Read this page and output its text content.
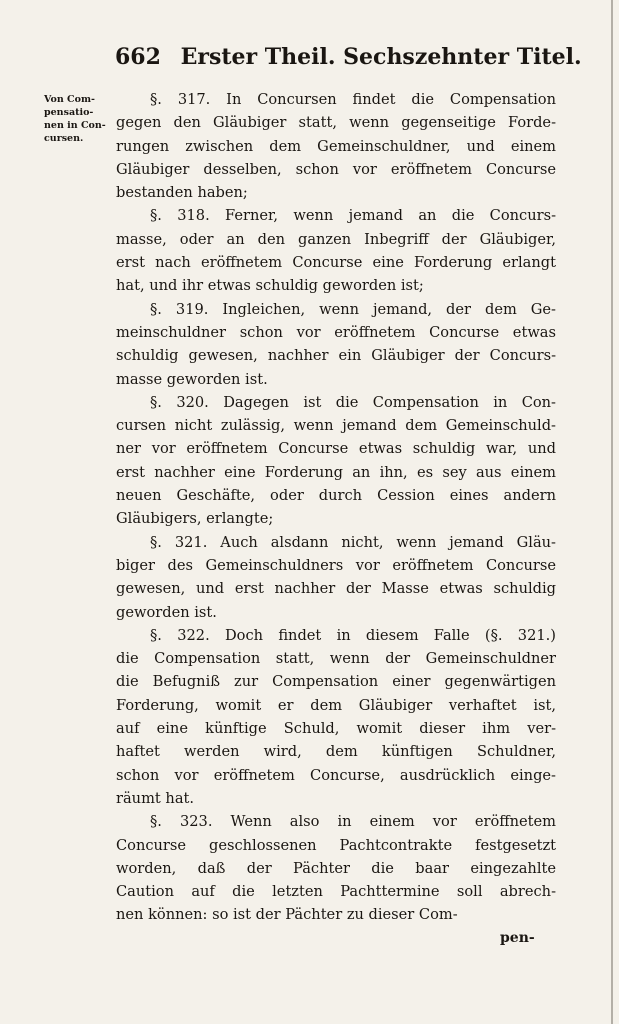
662 Erster Theil. Sechszehnter Titel.
Von Com-
pensatio-
nen in Con-
cursen.
§. 317. In Concursen findet die Compensation
gegen den Gläubiger statt, wenn gegenseitige Forde-
rungen zwischen dem Gemeinschuldner, und einem
Gläubiger desselben, schon vor eröffnetem Concurse
bestanden haben;
§. 318. Ferner, wenn jemand an die Concurs-
masse, oder an den ganzen Inbegriff der Gläubiger,
erst nach eröffnetem Concurse eine Forderung erlangt
hat, und ihr etwas schuldig geworden ist;
§. 319. Ingleichen, wenn jemand, der dem Ge-
meinschuldner schon vor eröffnetem Concurse etwas
schuldig gewesen, nachher ein Gläubiger der Concurs-
masse geworden ist.
§. 320. Dagegen ist die Compensation in Con-
cursen nicht zulässig, wenn jemand dem Gemeinschuld-
ner vor eröffnetem Concurse etwas schuldig war, und
erst nachher eine Forderung an ihn, es sey aus einem
neuen Geschäfte, oder durch Cession eines andern
Gläubigers, erlangte;
§. 321. Auch alsdann nicht, wenn jemand Gläu-
biger des Gemeinschuldners vor eröffnetem Concurse
gewesen, und erst nachher der Masse etwas schuldig
geworden ist.
§. 322. Doch findet in diesem Falle (§. 321.)
die Compensation statt, wenn der Gemeinschuldner
die Befugniß zur Compensation einer gegenwärtigen
Forderung, womit er dem Gläubiger verhaftet ist,
auf eine künftige Schuld, womit dieser ihm ver-
haftet werden wird, dem künftigen Schuldner,
schon vor eröffnetem Concurse, ausdrücklich einge-
räumt hat.
§. 323. Wenn also in einem vor eröffnetem
Concurse geschlossenen Pachtcontrakte festgesetzt
worden, daß der Pächter die baar eingezahlte
Caution auf die letzten Pachttermine soll abrech-
nen können: so ist der Pächter zu dieser Com-
pen-
